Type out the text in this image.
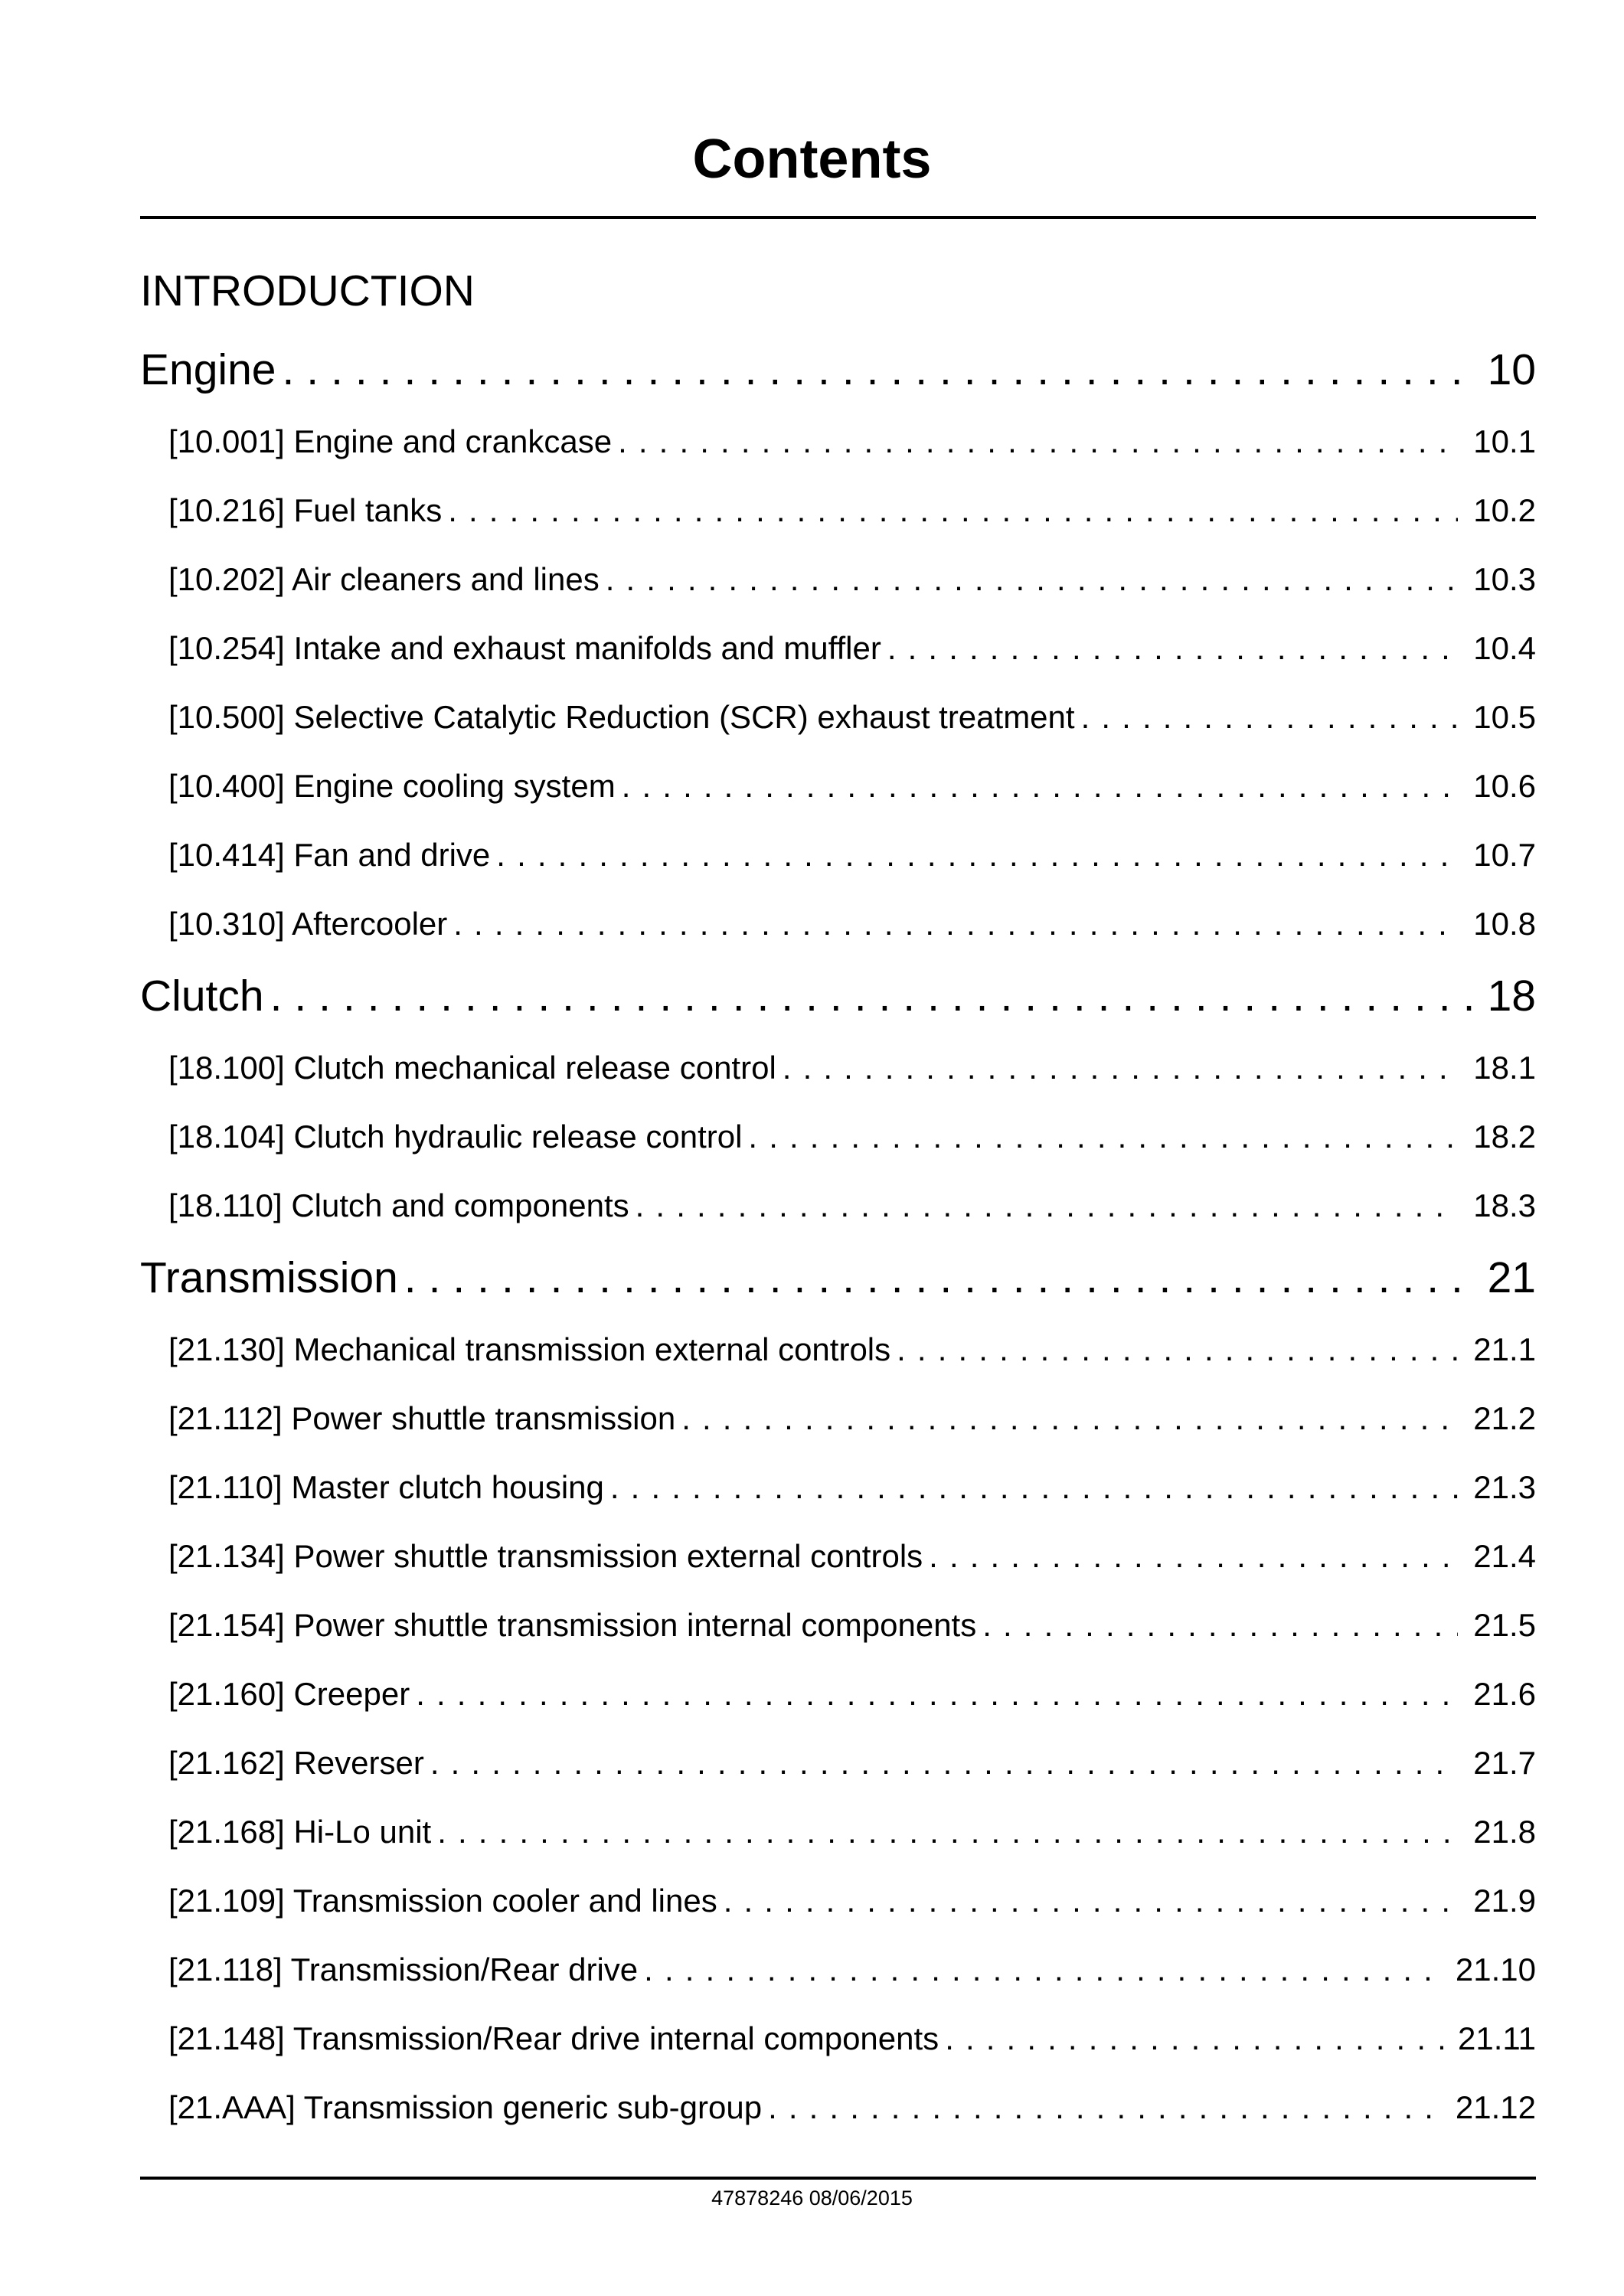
Contents
INTRODUCTION
Engine .....	10
[10.001] Engine and crankcase .....	10.1
[10.216] Fuel tanks .....	10.2
[10.202] Air cleaners and lines .....	10.3
[10.254] Intake and exhaust manifolds and muffler .....	10.4
[10.500] Selective Catalytic Reduction (SCR) exhaust treatment .....	10.5
[10.400] Engine cooling system .....	10.6
[10.414] Fan and drive .....	10.7
[10.310] Aftercooler .....	10.8
Clutch .....	18
[18.100] Clutch mechanical release control .....	18.1
[18.104] Clutch hydraulic release control .....	18.2
[18.110] Clutch and components .....	18.3
Transmission .....	21
[21.130] Mechanical transmission external controls .....	21.1
[21.112] Power shuttle transmission .....	21.2
[21.110] Master clutch housing .....	21.3
[21.134] Power shuttle transmission external controls .....	21.4
[21.154] Power shuttle transmission internal components .....	21.5
[21.160] Creeper .....	21.6
[21.162] Reverser .....	21.7
[21.168] Hi-Lo unit .....	21.8
[21.109] Transmission cooler and lines .....	21.9
[21.118] Transmission/Rear drive .....	21.10
[21.148] Transmission/Rear drive internal components .....	21.11
[21.AAA] Transmission generic sub-group .....	21.12
47878246 08/06/2015
